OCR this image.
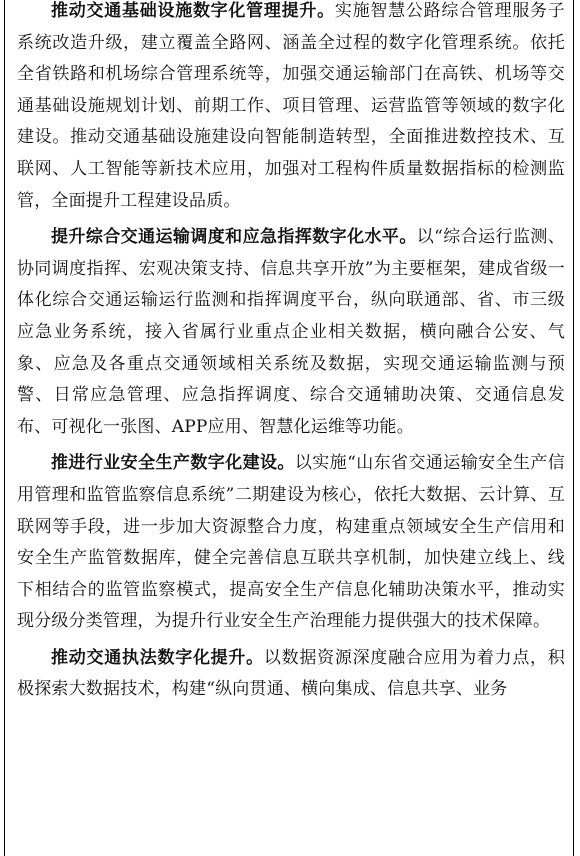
推动交通基础设施数字化管理提升。实施智慧公路综合管理服务子系统改造升级，建立覆盖全路网、涵盖全过程的数字化管理系统。依托全省铁路和机场综合管理系统等，加强交通运输部门在高铁、机场等交通基础设施规划计划、前期工作、项目管理、运营监管等领域的数字化建设。推动交通基础设施建设向智能制造转型，全面推进数控技术、互联网、人工智能等新技术应用，加强对工程构件质量数据指标的检测监管，全面提升工程建设品质。

提升综合交通运输调度和应急指挥数字化水平。以“综合运行监测、协同调度指挥、宏观决策支持、信息共享开放”为主要框架，建成省级一体化综合交通运输运行监测和指挥调度平台，纵向联通部、省、市三级应急业务系统，接入省属行业重点企业相关数据，横向融合公安、气象、应急及各重点交通领域相关系统及数据，实现交通运输监测与预警、日常应急管理、应急指挥调度、综合交通辅助决策、交通信息发布、可视化一张图、APP应用、智慧化运维等功能。

推进行业安全生产数字化建设。以实施“山东省交通运输安全生产信用管理和监管监察信息系统”二期建设为核心，依托大数据、云计算、互联网等手段，进一步加大资源整合力度，构建重点领域安全生产信用和安全生产监管数据库，健全完善信息互联共享机制，加快建立线上、线下相结合的监管监察模式，提高安全生产信息化辅助决策水平，推动实现分级分类管理，为提升行业安全生产治理能力提供强大的技术保障。

推动交通执法数字化提升。以数据资源深度融合应用为着力点，积极探索大数据技术，构建“纵向贯通、横向集成、信息共享、业务
